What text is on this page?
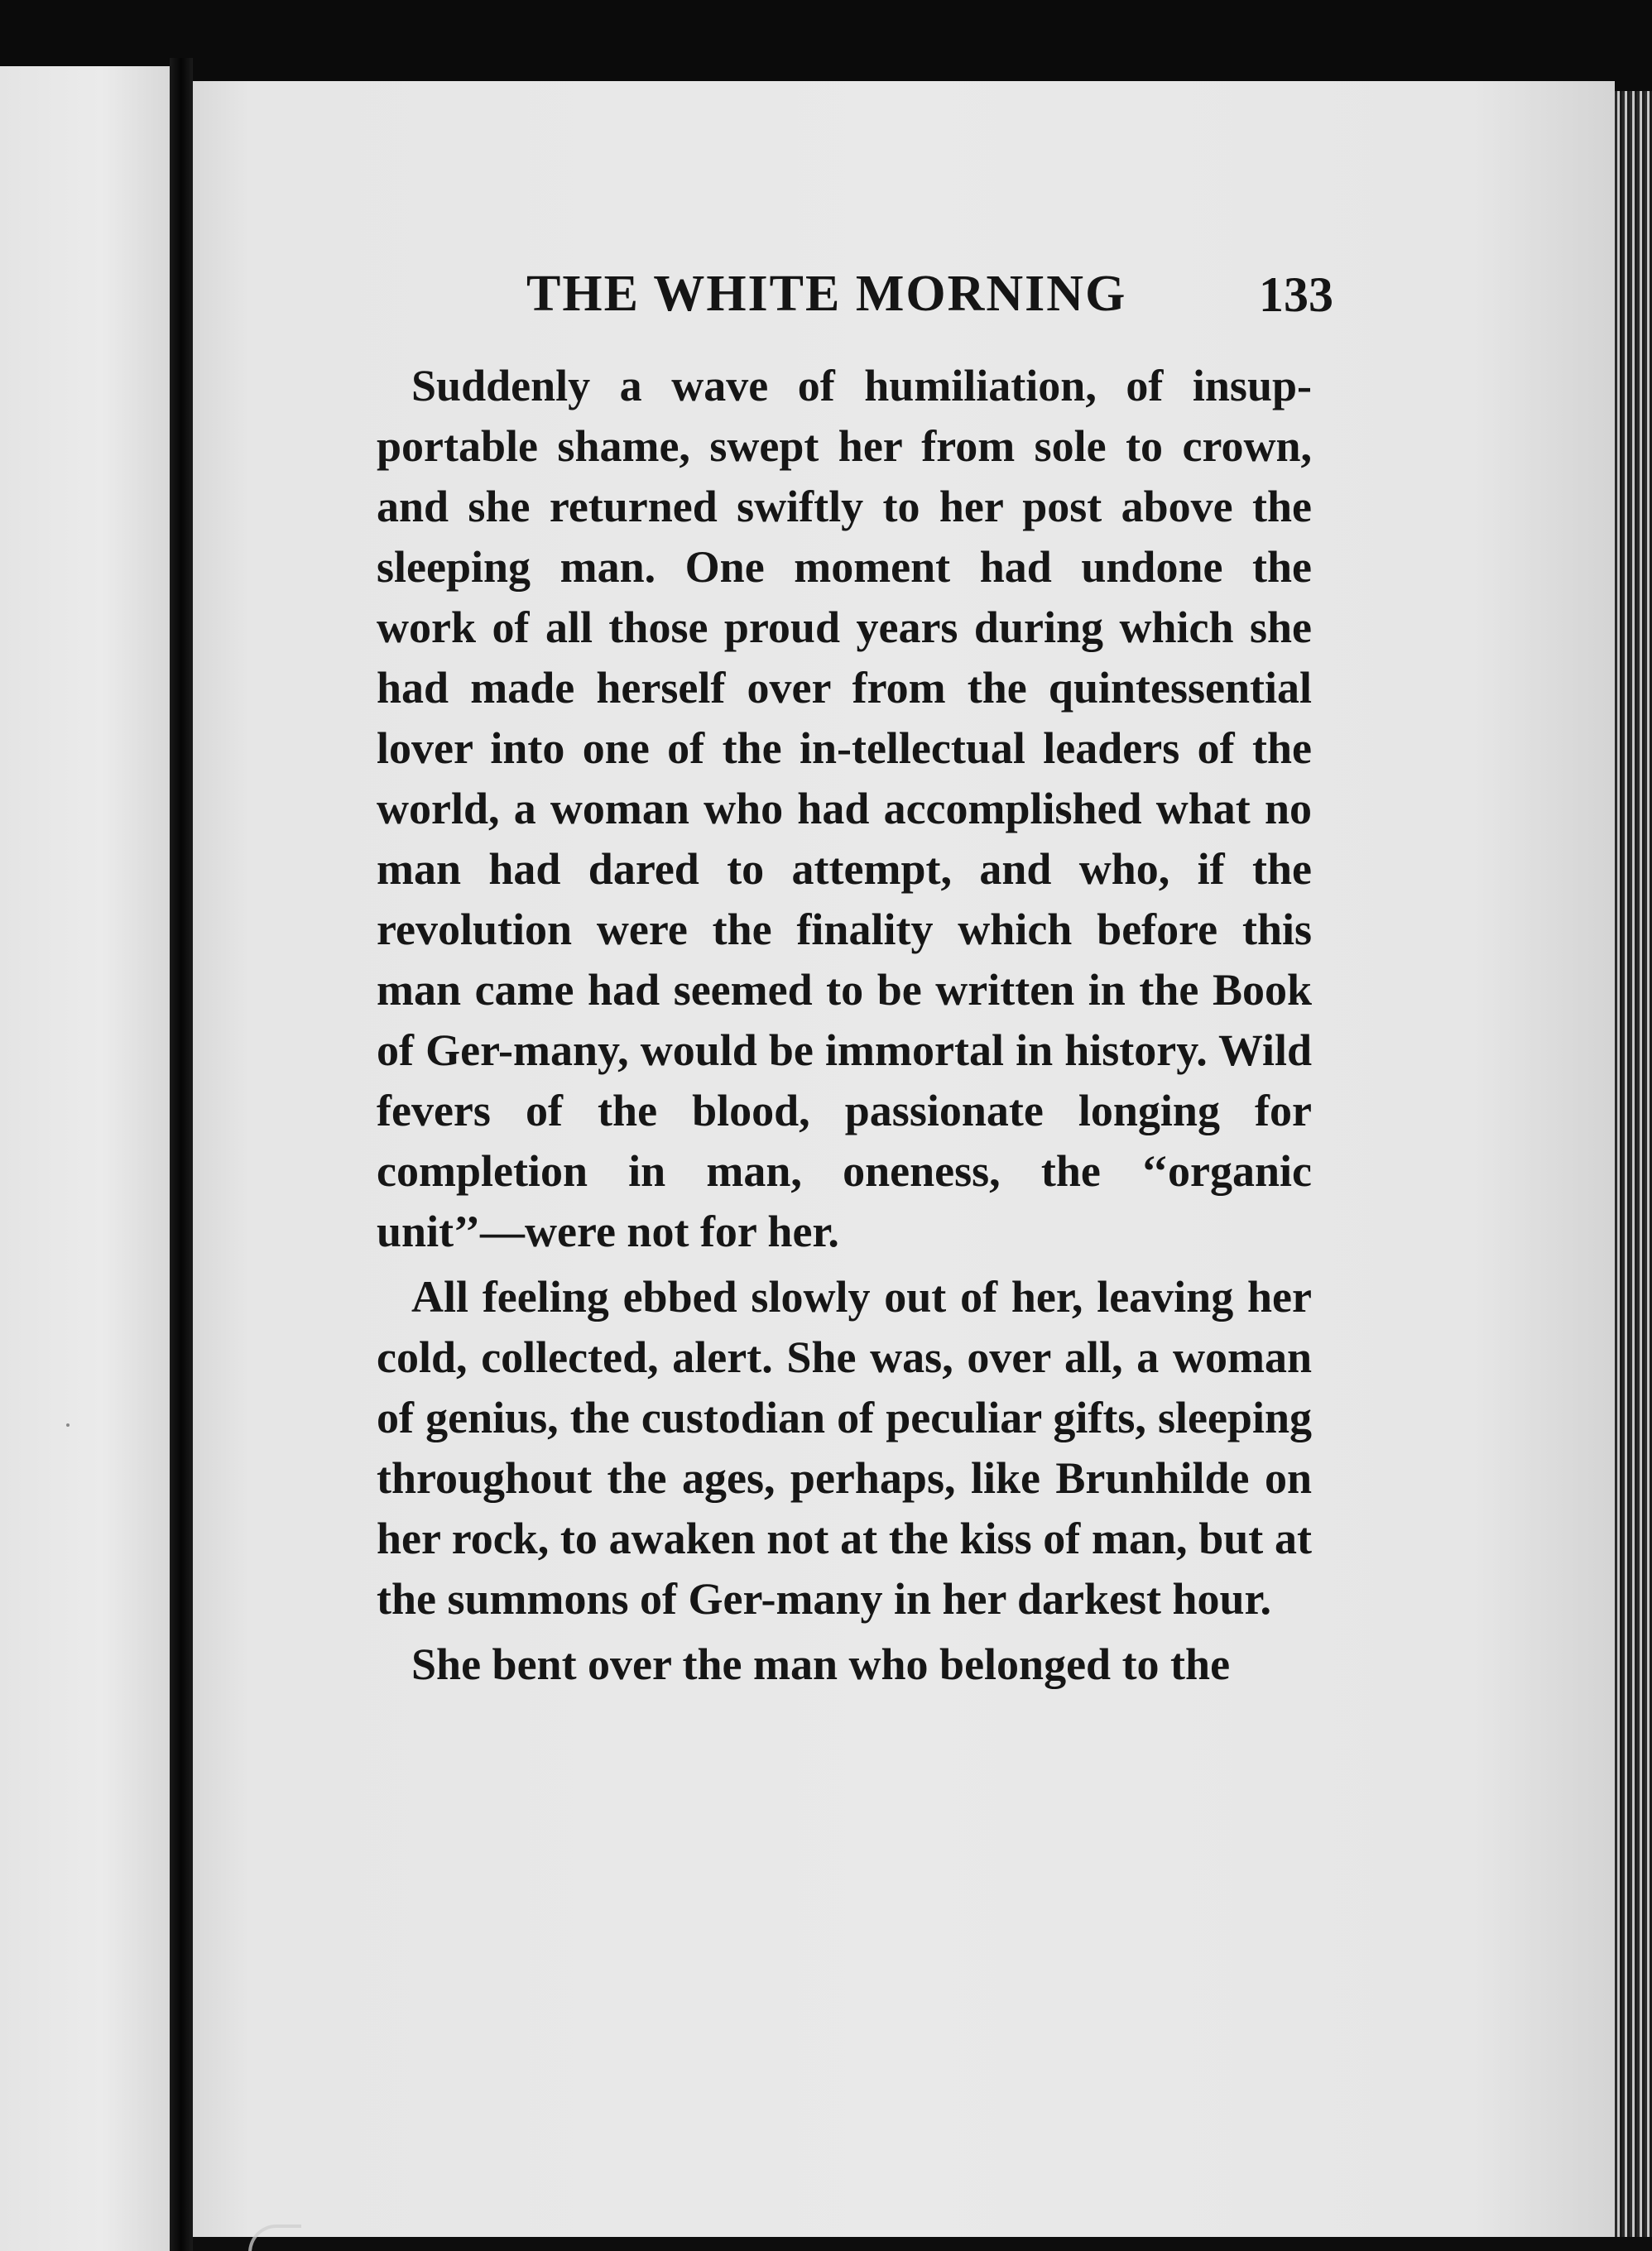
THE WHITE MORNING	133

Suddenly a wave of humiliation, of insup-portable shame, swept her from sole to crown, and she returned swiftly to her post above the sleeping man. One moment had undone the work of all those proud years during which she had made herself over from the quintessential lover into one of the in-tellectual leaders of the world, a woman who had accomplished what no man had dared to attempt, and who, if the revolution were the finality which before this man came had seemed to be written in the Book of Ger-many, would be immortal in history. Wild fevers of the blood, passionate longing for completion in man, oneness, the ‘‘organic unit’’—were not for her.

All feeling ebbed slowly out of her, leaving her cold, collected, alert. She was, over all, a woman of genius, the custodian of peculiar gifts, sleeping throughout the ages, perhaps, like Brunhilde on her rock, to awaken not at the kiss of man, but at the summons of Ger-many in her darkest hour.

She bent over the man who belonged to the
